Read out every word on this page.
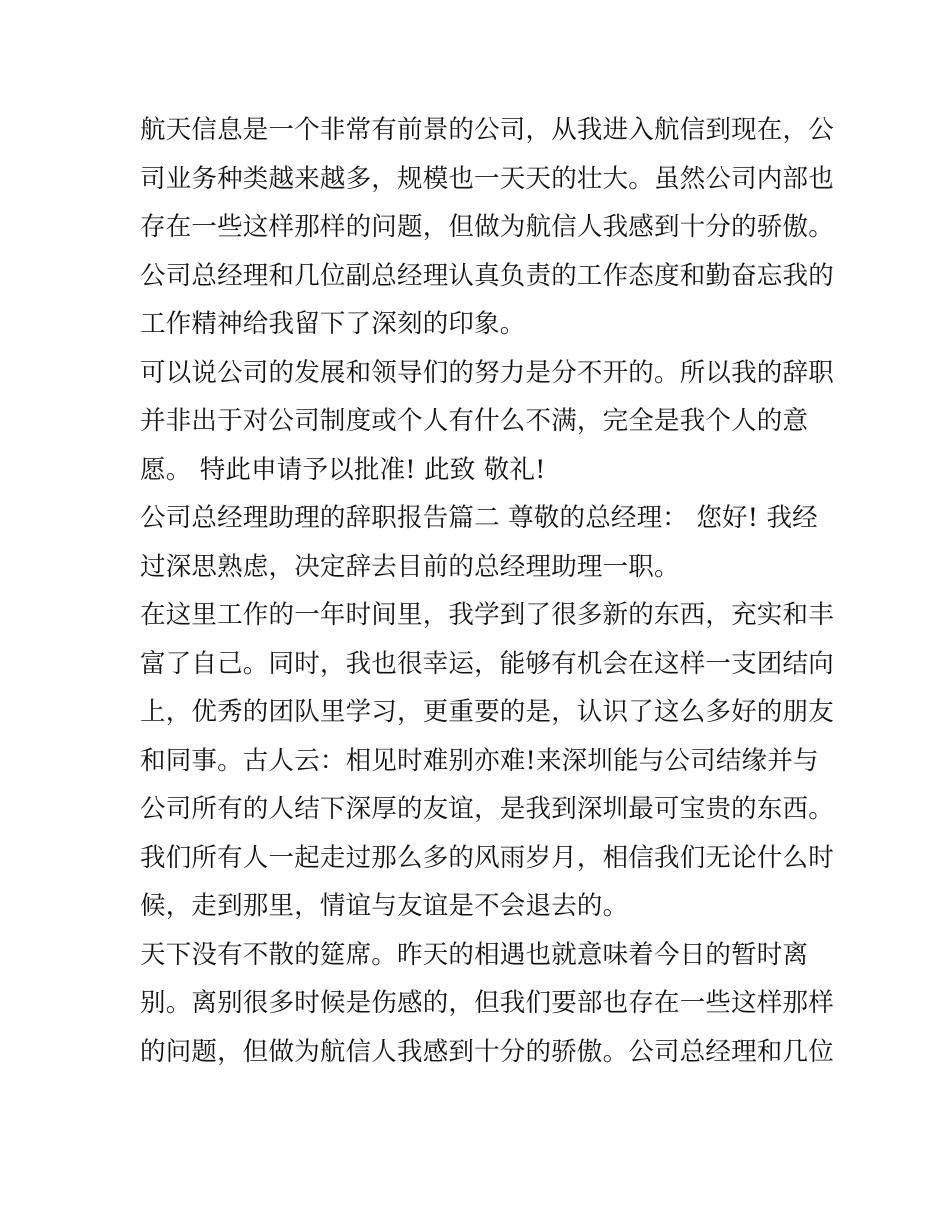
航天信息是一个非常有前景的公司，从我进入航信到现在，公
司业务种类越来越多，规模也一天天的壮大。虽然公司内部也
存在一些这样那样的问题，但做为航信人我感到十分的骄傲。
公司总经理和几位副总经理认真负责的工作态度和勤奋忘我的
工作精神给我留下了深刻的印象。
可以说公司的发展和领导们的努力是分不开的。所以我的辞职
并非出于对公司制度或个人有什么不满，完全是我个人的意
愿。 特此申请予以批准! 此致 敬礼!
公司总经理助理的辞职报告篇二 尊敬的总经理： 您好! 我经
过深思熟虑，决定辞去目前的总经理助理一职。
在这里工作的一年时间里，我学到了很多新的东西，充实和丰
富了自己。同时，我也很幸运，能够有机会在这样一支团结向
上，优秀的团队里学习，更重要的是，认识了这么多好的朋友
和同事。古人云：相见时难别亦难!来深圳能与公司结缘并与
公司所有的人结下深厚的友谊，是我到深圳最可宝贵的东西。
我们所有人一起走过那么多的风雨岁月，相信我们无论什么时
候，走到那里，情谊与友谊是不会退去的。
天下没有不散的筵席。昨天的相遇也就意味着今日的暂时离
别。离别很多时候是伤感的，但我们要部也存在一些这样那样
的问题，但做为航信人我感到十分的骄傲。公司总经理和几位
